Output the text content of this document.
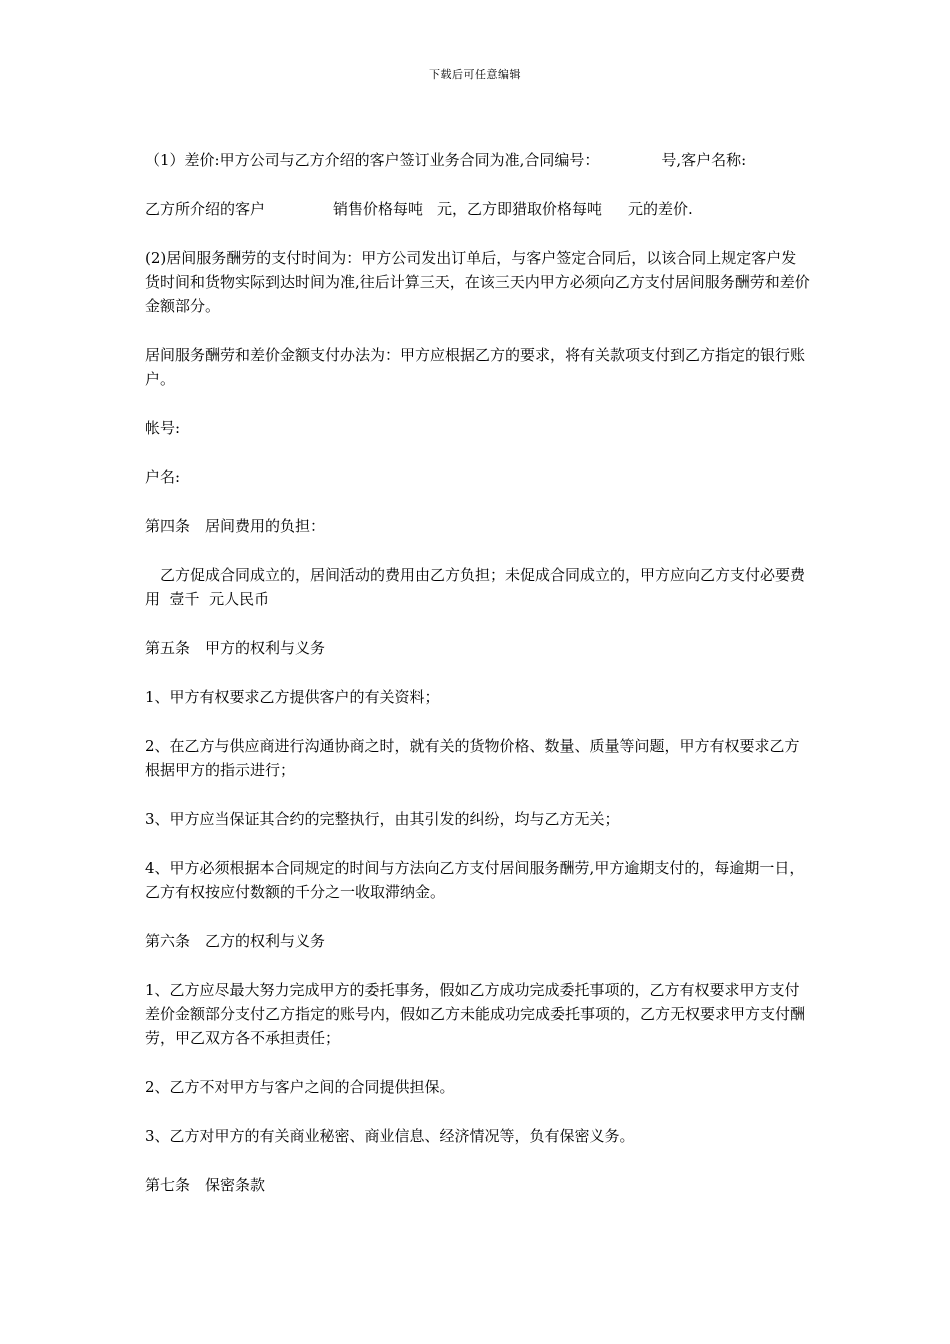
下载后可任意编辑
（1）差价:甲方公司与乙方介绍的客户签订业务合同为准,合同编号：	号,客户名称:
乙方所介绍的客户	销售价格每吨 元，乙方即猎取价格每吨 元的差价.

(2)居间服务酬劳的支付时间为：甲方公司发出订单后，与客户签定合同后，以该合同上规定客户发货时间和货物实际到达时间为准,往后计算三天，在该三天内甲方必须向乙方支付居间服务酬劳和差价金额部分。

居间服务酬劳和差价金额支付办法为：甲方应根据乙方的要求，将有关款项支付到乙方指定的银行账户。

帐号:

户名:

第四条　居间费用的负担：

乙方促成合同成立的，居间活动的费用由乙方负担；未促成合同成立的，甲方应向乙方支付必要费用  壹千  元人民币

第五条　甲方的权利与义务

1、甲方有权要求乙方提供客户的有关资料；

2、在乙方与供应商进行沟通协商之时，就有关的货物价格、数量、质量等问题，甲方有权要求乙方根据甲方的指示进行；

3、甲方应当保证其合约的完整执行，由其引发的纠纷，均与乙方无关；

4、甲方必须根据本合同规定的时间与方法向乙方支付居间服务酬劳,甲方逾期支付的，每逾期一日，乙方有权按应付数额的千分之一收取滞纳金。

第六条　乙方的权利与义务

1、乙方应尽最大努力完成甲方的委托事务，假如乙方成功完成委托事项的，乙方有权要求甲方支付差价金额部分支付乙方指定的账号内，假如乙方未能成功完成委托事项的，乙方无权要求甲方支付酬劳，甲乙双方各不承担责任；

2、乙方不对甲方与客户之间的合同提供担保。

3、乙方对甲方的有关商业秘密、商业信息、经济情况等，负有保密义务。

第七条　保密条款
